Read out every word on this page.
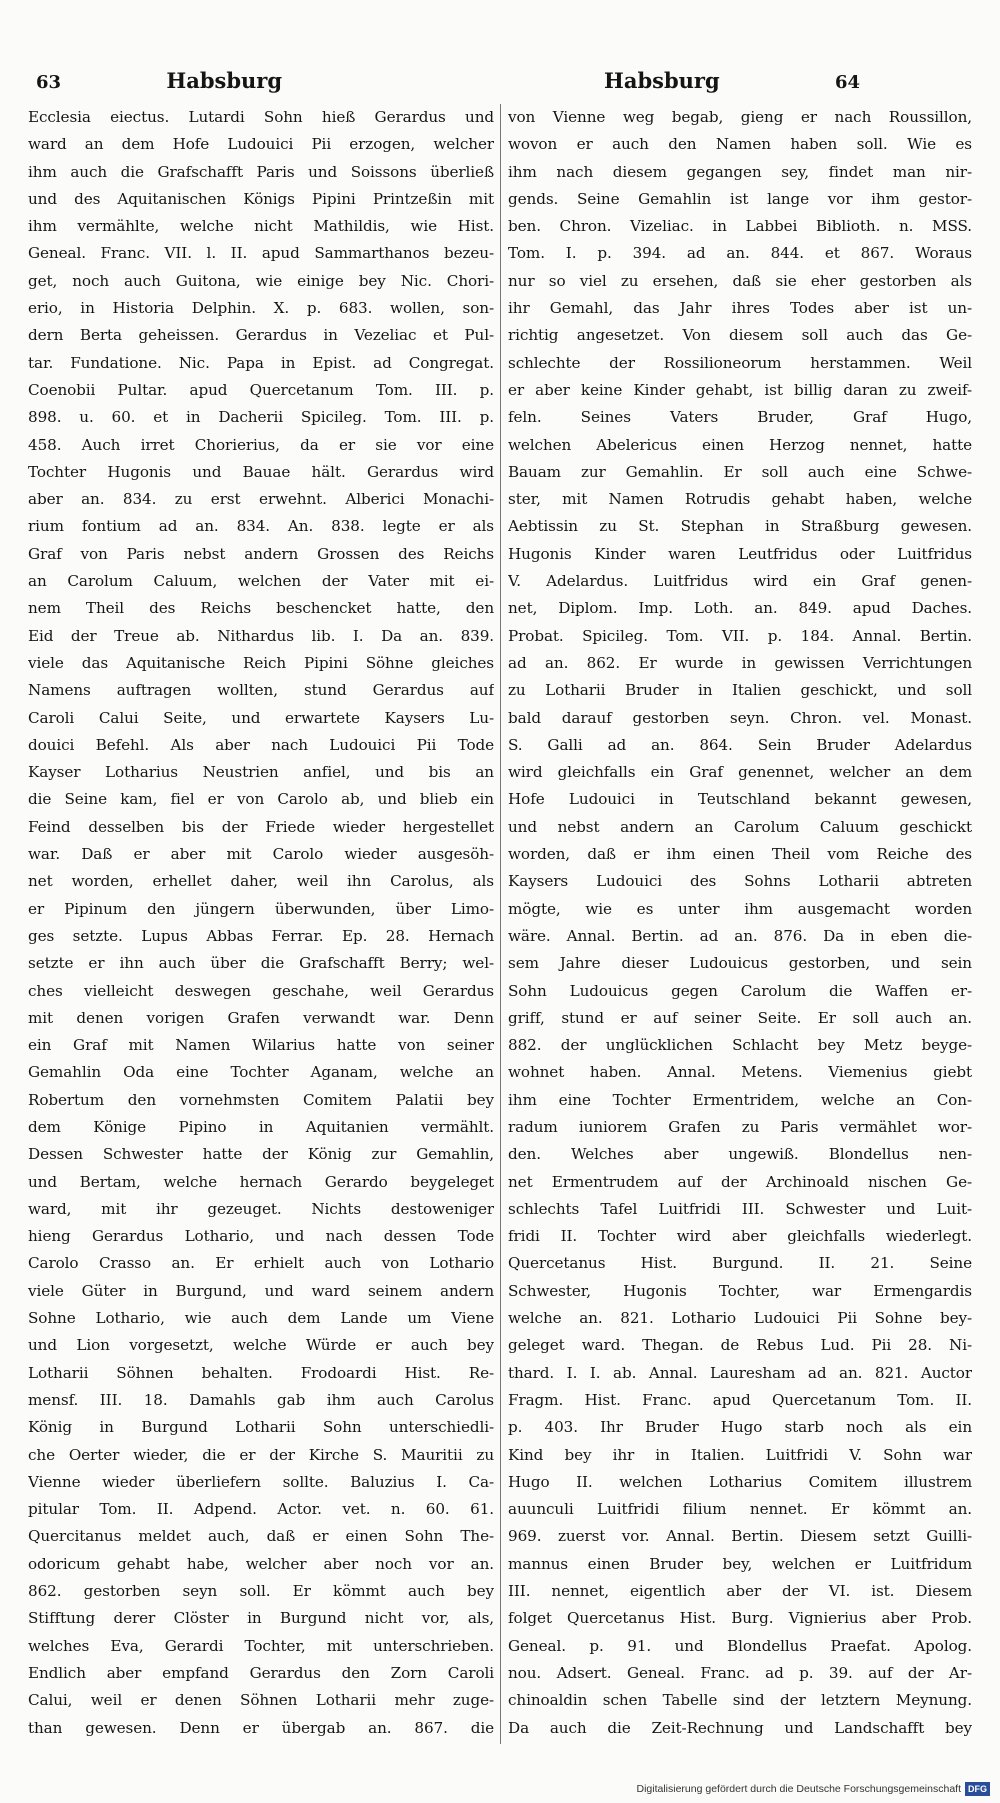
63	Habsburg	Habsburg	64
Ecclesia eiectus. Lutardi Sohn hieß Gerardus und
ward an dem Hofe Ludouici Pii erzogen, welcher
ihm auch die Grafschafft Paris und Soissons überließ
und des Aquitanischen Königs Pipini Printzeßin mit
ihm vermählte, welche nicht Mathildis, wie Hist.
Geneal. Franc. VII. l. II. apud Sammarthanos bezeu-
get, noch auch Guitona, wie einige bey Nic. Chori-
erio, in Historia Delphin. X. p. 683. wollen, son-
dern Berta geheissen. Gerardus in Vezeliac et Pul-
tar. Fundatione. Nic. Papa in Epist. ad Congregat.
Coenobii Pultar. apud Quercetanum Tom. III. p.
898. u. 60. et in Dacherii Spicileg. Tom. III. p.
458. Auch irret Chorierius, da er sie vor eine
Tochter Hugonis und Bauae hält. Gerardus wird
aber an. 834. zu erst erwehnt. Alberici Monachi-
rium fontium ad an. 834. An. 838. legte er als
Graf von Paris nebst andern Grossen des Reichs
an Carolum Caluum, welchen der Vater mit ei-
nem Theil des Reichs beschencket hatte, den
Eid der Treue ab. Nithardus lib. I. Da an. 839.
viele das Aquitanische Reich Pipini Söhne gleiches
Namens auftragen wollten, stund Gerardus auf
Caroli Calui Seite, und erwartete Kaysers Lu-
douici Befehl. Als aber nach Ludouici Pii Tode
Kayser Lotharius Neustrien anfiel, und bis an
die Seine kam, fiel er von Carolo ab, und blieb ein
Feind desselben bis der Friede wieder hergestellet
war. Daß er aber mit Carolo wieder ausgesöh-
net worden, erhellet daher, weil ihn Carolus, als
er Pipinum den jüngern überwunden, über Limo-
ges setzte. Lupus Abbas Ferrar. Ep. 28. Hernach
setzte er ihn auch über die Grafschafft Berry; wel-
ches vielleicht deswegen geschahe, weil Gerardus
mit denen vorigen Grafen verwandt war. Denn
ein Graf mit Namen Wilarius hatte von seiner
Gemahlin Oda eine Tochter Aganam, welche an
Robertum den vornehmsten Comitem Palatii bey
dem Könige Pipino in Aquitanien vermählt.
Dessen Schwester hatte der König zur Gemahlin,
und Bertam, welche hernach Gerardo beygeleget
ward, mit ihr gezeuget. Nichts destoweniger
hieng Gerardus Lothario, und nach dessen Tode
Carolo Crasso an. Er erhielt auch von Lothario
viele Güter in Burgund, und ward seinem andern
Sohne Lothario, wie auch dem Lande um Viene
und Lion vorgesetzt, welche Würde er auch bey
Lotharii Söhnen behalten. Frodoardi Hist. Re-
mensf. III. 18. Damahls gab ihm auch Carolus
König in Burgund Lotharii Sohn unterschiedli-
che Oerter wieder, die er der Kirche S. Mauritii zu
Vienne wieder überliefern sollte. Baluzius I. Ca-
pitular Tom. II. Adpend. Actor. vet. n. 60. 61.
Quercitanus meldet auch, daß er einen Sohn The-
odoricum gehabt habe, welcher aber noch vor an.
862. gestorben seyn soll. Er kömmt auch bey
Stifftung derer Clöster in Burgund nicht vor, als,
welches Eva, Gerardi Tochter, mit unterschrieben.
Endlich aber empfand Gerardus den Zorn Caroli
Calui, weil er denen Söhnen Lotharii mehr zuge-
than gewesen. Denn er übergab an. 867. die
von Vienne weg begab, gieng er nach Roussillon,
wovon er auch den Namen haben soll. Wie es
ihm nach diesem gegangen sey, findet man nir-
gends. Seine Gemahlin ist lange vor ihm gestor-
ben. Chron. Vizeliac. in Labbei Biblioth. n. MSS.
Tom. I. p. 394. ad an. 844. et 867. Woraus
nur so viel zu ersehen, daß sie eher gestorben als
ihr Gemahl, das Jahr ihres Todes aber ist un-
richtig angesetzet. Von diesem soll auch das Ge-
schlechte der Rossilioneorum herstammen. Weil
er aber keine Kinder gehabt, ist billig daran zu zweif-
feln. Seines Vaters Bruder, Graf Hugo,
welchen Abelericus einen Herzog nennet, hatte
Bauam zur Gemahlin. Er soll auch eine Schwe-
ster, mit Namen Rotrudis gehabt haben, welche
Aebtissin zu St. Stephan in Straßburg gewesen.
Hugonis Kinder waren Leutfridus oder Luitfridus
V. Adelardus. Luitfridus wird ein Graf genen-
net, Diplom. Imp. Loth. an. 849. apud Daches.
Probat. Spicileg. Tom. VII. p. 184. Annal. Bertin.
ad an. 862. Er wurde in gewissen Verrichtungen
zu Lotharii Bruder in Italien geschickt, und soll
bald darauf gestorben seyn. Chron. vel. Monast.
S. Galli ad an. 864. Sein Bruder Adelardus
wird gleichfalls ein Graf genennet, welcher an dem
Hofe Ludouici in Teutschland bekannt gewesen,
und nebst andern an Carolum Caluum geschickt
worden, daß er ihm einen Theil vom Reiche des
Kaysers Ludouici des Sohns Lotharii abtreten
mögte, wie es unter ihm ausgemacht worden
wäre. Annal. Bertin. ad an. 876. Da in eben die-
sem Jahre dieser Ludouicus gestorben, und sein
Sohn Ludouicus gegen Carolum die Waffen er-
griff, stund er auf seiner Seite. Er soll auch an.
882. der unglücklichen Schlacht bey Metz beyge-
wohnet haben. Annal. Metens. Viemenius giebt
ihm eine Tochter Ermentridem, welche an Con-
radum iuniorem Grafen zu Paris vermählet wor-
den. Welches aber ungewiß. Blondellus nen-
net Ermentrudem auf der Archinoald nischen Ge-
schlechts Tafel Luitfridi III. Schwester und Luit-
fridi II. Tochter wird aber gleichfalls wiederlegt.
Quercetanus Hist. Burgund. II. 21. Seine
Schwester, Hugonis Tochter, war Ermengardis
welche an. 821. Lothario Ludouici Pii Sohne bey-
geleget ward. Thegan. de Rebus Lud. Pii 28. Ni-
thard. I. I. ab. Annal. Lauresham ad an. 821. Auctor
Fragm. Hist. Franc. apud Quercetanum Tom. II.
p. 403. Ihr Bruder Hugo starb noch als ein
Kind bey ihr in Italien. Luitfridi V. Sohn war
Hugo II. welchen Lotharius Comitem illustrem
auunculi Luitfridi filium nennet. Er kömmt an.
969. zuerst vor. Annal. Bertin. Diesem setzt Guilli-
mannus einen Bruder bey, welchen er Luitfridum
III. nennet, eigentlich aber der VI. ist. Diesem
folget Quercetanus Hist. Burg. Vignierius aber Prob.
Geneal. p. 91. und Blondellus Praefat. Apolog.
nou. Adsert. Geneal. Franc. ad p. 39. auf der Ar-
chinoaldin schen Tabelle sind der letztern Meynung.
Da auch die Zeit-Rechnung und Landschafft bey
Digitalisierung gefördert durch die Deutsche Forschungsgemeinschaft DFG
